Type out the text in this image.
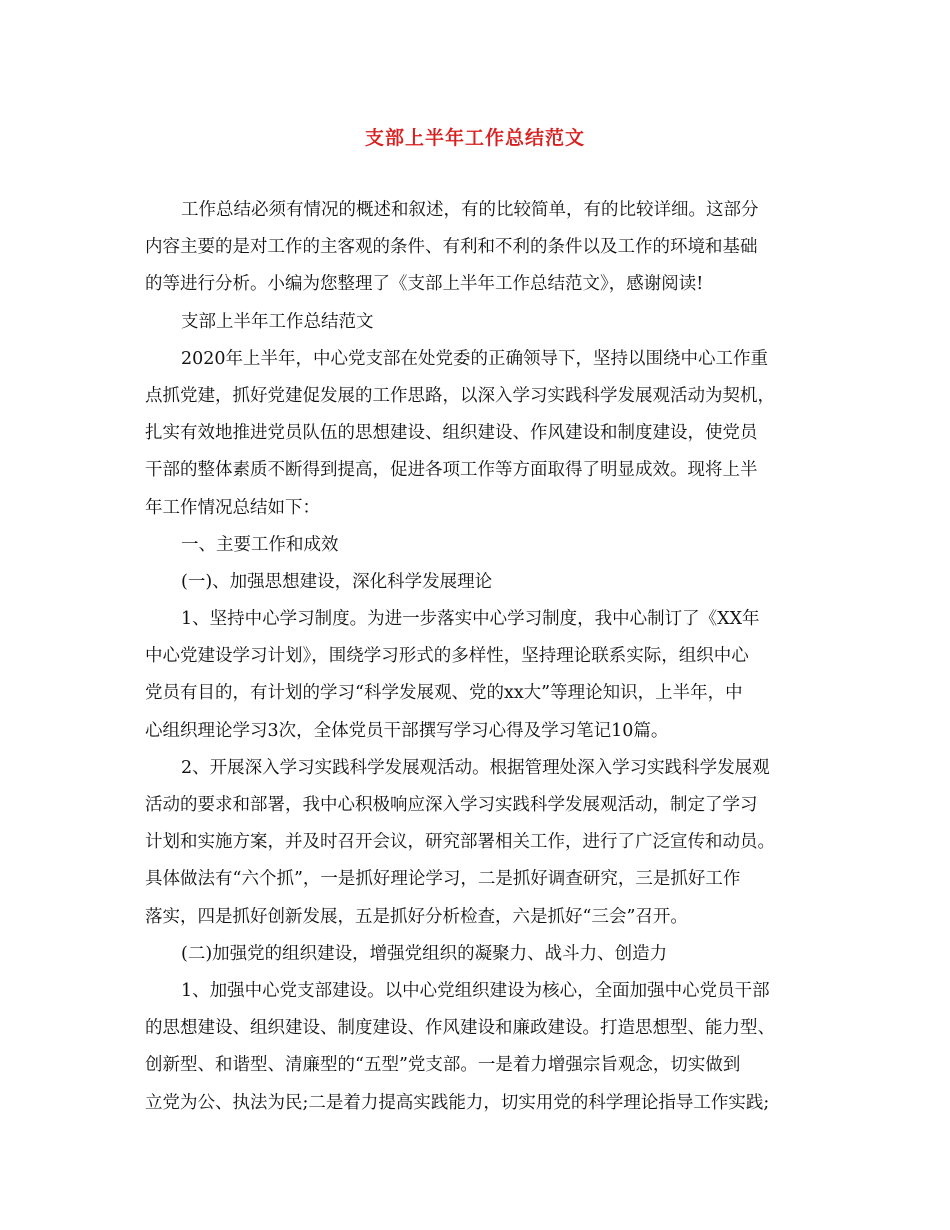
支部上半年工作总结范文
工作总结必须有情况的概述和叙述，有的比较简单，有的比较详细。这部分
内容主要的是对工作的主客观的条件、有利和不利的条件以及工作的环境和基础
的等进行分析。小编为您整理了《支部上半年工作总结范文》，感谢阅读!
支部上半年工作总结范文
2020年上半年，中心党支部在处党委的正确领导下，坚持以围绕中心工作重
点抓党建，抓好党建促发展的工作思路，以深入学习实践科学发展观活动为契机，
扎实有效地推进党员队伍的思想建设、组织建设、作风建设和制度建设，使党员
干部的整体素质不断得到提高，促进各项工作等方面取得了明显成效。现将上半
年工作情况总结如下：
一、主要工作和成效
(一)、加强思想建设，深化科学发展理论
1、坚持中心学习制度。为进一步落实中心学习制度，我中心制订了《XX年
中心党建设学习计划》，围绕学习形式的多样性，坚持理论联系实际，组织中心
党员有目的，有计划的学习“科学发展观、党的xx大”等理论知识，上半年，中
心组织理论学习3次，全体党员干部撰写学习心得及学习笔记10篇。
2、开展深入学习实践科学发展观活动。根据管理处深入学习实践科学发展观
活动的要求和部署，我中心积极响应深入学习实践科学发展观活动，制定了学习
计划和实施方案，并及时召开会议，研究部署相关工作，进行了广泛宣传和动员。
具体做法有“六个抓”，一是抓好理论学习，二是抓好调查研究，三是抓好工作
落实，四是抓好创新发展，五是抓好分析检查，六是抓好“三会”召开。
(二)加强党的组织建设，增强党组织的凝聚力、战斗力、创造力
1、加强中心党支部建设。以中心党组织建设为核心，全面加强中心党员干部
的思想建设、组织建设、制度建设、作风建设和廉政建设。打造思想型、能力型、
创新型、和谐型、清廉型的“五型”党支部。一是着力增强宗旨观念，切实做到
立党为公、执法为民;二是着力提高实践能力，切实用党的科学理论指导工作实践;
